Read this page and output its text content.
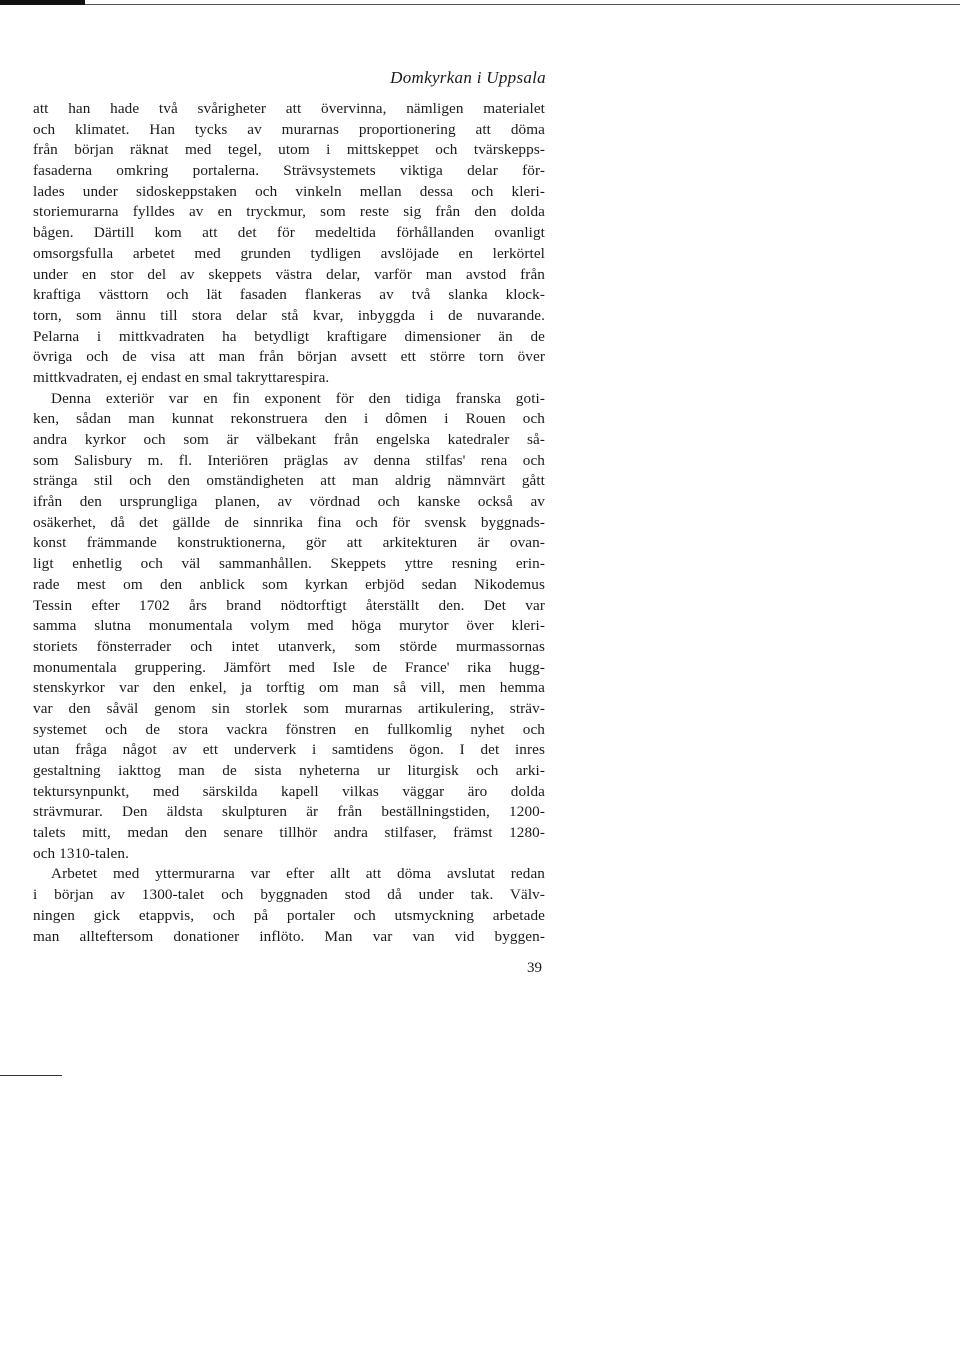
Domkyrkan i Uppsala
att han hade två svårigheter att övervinna, nämligen materialet
och klimatet. Han tycks av murarnas proportionering att döma
från början räknat med tegel, utom i mittskeppet och tvärskepps-
fasaderna omkring portalerna. Strävsystemets viktiga delar för-
lades under sidoskeppstaken och vinkeln mellan dessa och kleri-
storiemurarna fylldes av en tryckmur, som reste sig från den dolda
bågen. Därtill kom att det för medeltida förhållanden ovanligt
omsorgsfulla arbetet med grunden tydligen avslöjade en lerkörtel
under en stor del av skeppets västra delar, varför man avstod från
kraftiga västtorn och lät fasaden flankeras av två slanka klock-
torn, som ännu till stora delar stå kvar, inbyggda i de nuvarande.
Pelarna i mittkvadraten ha betydligt kraftigare dimensioner än de
övriga och de visa att man från början avsett ett större torn över
mittkvadraten, ej endast en smal takryttarespira.
Denna exteriör var en fin exponent för den tidiga franska goti-
ken, sådan man kunnat rekonstruera den i dômen i Rouen och
andra kyrkor och som är välbekant från engelska katedraler så-
som Salisbury m. fl. Interiören präglas av denna stilfas' rena och
stränga stil och den omständigheten att man aldrig nämnvärt gått
ifrån den ursprungliga planen, av vördnad och kanske också av
osäkerhet, då det gällde de sinnrika fina och för svensk byggnads-
konst främmande konstruktionerna, gör att arkitekturen är ovan-
ligt enhetlig och väl sammanhållen. Skeppets yttre resning erin-
rade mest om den anblick som kyrkan erbjöd sedan Nikodemus
Tessin efter 1702 års brand nödtorftigt återställt den. Det var
samma slutna monumentala volym med höga murytor över kleri-
storiets fönsterrader och intet utanverk, som störde murmassornas
monumentala gruppering. Jämfört med Isle de France' rika hugg-
stenskyrkor var den enkel, ja torftig om man så vill, men hemma
var den såväl genom sin storlek som murarnas artikulering, sträv-
systemet och de stora vackra fönstren en fullkomlig nyhet och
utan fråga något av ett underverk i samtidens ögon. I det inres
gestaltning iakttog man de sista nyheterna ur liturgisk och arki-
tektursynpunkt, med särskilda kapell vilkas väggar äro dolda
strävmurar. Den äldsta skulpturen är från beställningstiden, 1200-
talets mitt, medan den senare tillhör andra stilfaser, främst 1280-
och 1310-talen.
Arbetet med yttermurarna var efter allt att döma avslutat redan
i början av 1300-talet och byggnaden stod då under tak. Välv-
ningen gick etappvis, och på portaler och utsmyckning arbetade
man allteftersom donationer inflöto. Man var van vid byggen-
39
